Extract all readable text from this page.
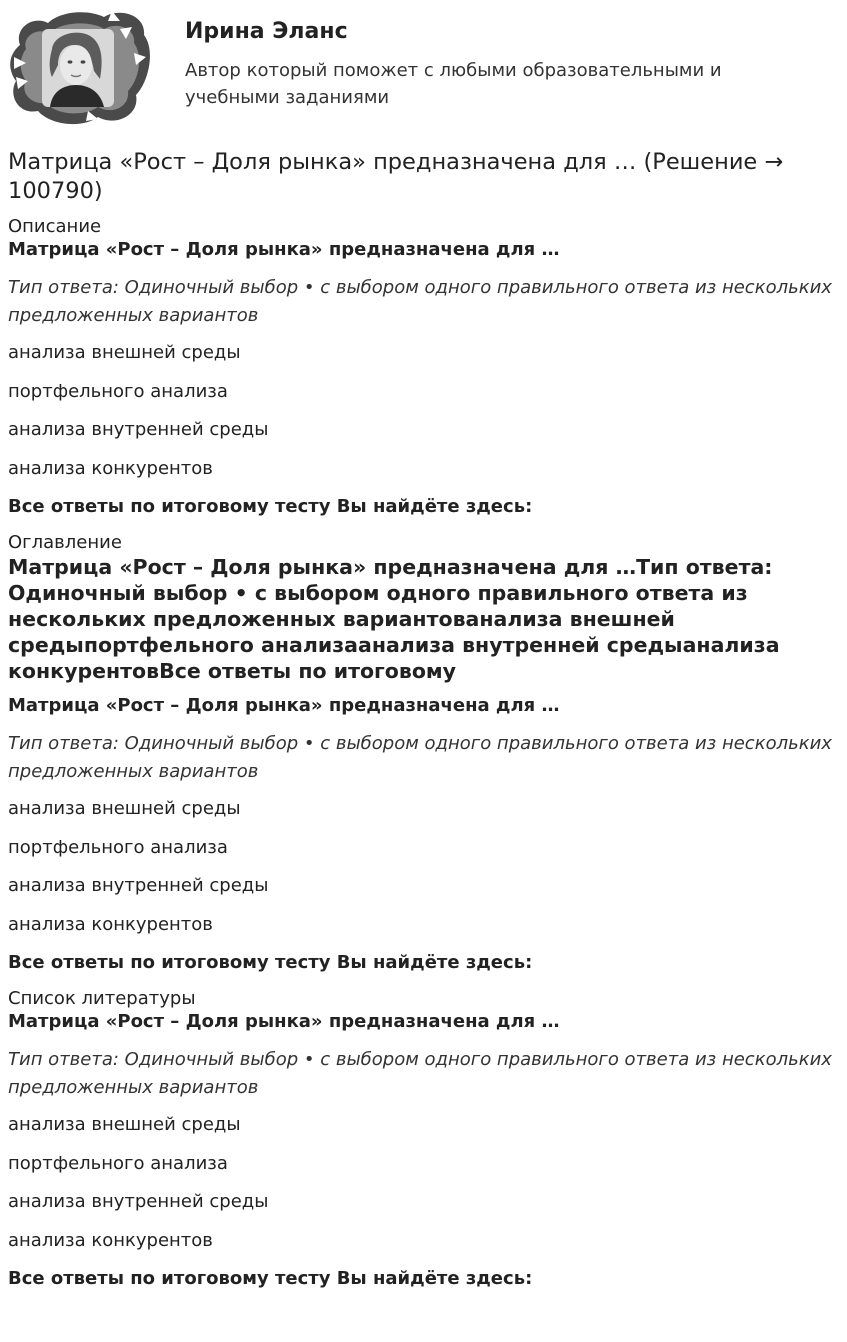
Ирина Эланс
Автор который поможет с любыми образовательными и учебными заданиями
Матрица «Рост – Доля рынка» предназначена для … (Решение → 100790)
Описание
Матрица «Рост – Доля рынка» предназначена для …
Тип ответа: Одиночный выбор • с выбором одного правильного ответа из нескольких предложенных вариантов
анализа внешней среды
портфельного анализа
анализа внутренней среды
анализа конкурентов
Все ответы по итоговому тесту Вы найдёте здесь:
Оглавление
Матрица «Рост – Доля рынка» предназначена для …Тип ответа: Одиночный выбор • с выбором одного правильного ответа из нескольких предложенных вариантованализа внешней средыпортфельного анализаанализа внутренней средыанализа конкурентовВсе ответы по итоговому
Матрица «Рост – Доля рынка» предназначена для …
Тип ответа: Одиночный выбор • с выбором одного правильного ответа из нескольких предложенных вариантов
анализа внешней среды
портфельного анализа
анализа внутренней среды
анализа конкурентов
Все ответы по итоговому тесту Вы найдёте здесь:
Список литературы
Матрица «Рост – Доля рынка» предназначена для …
Тип ответа: Одиночный выбор • с выбором одного правильного ответа из нескольких предложенных вариантов
анализа внешней среды
портфельного анализа
анализа внутренней среды
анализа конкурентов
Все ответы по итоговому тесту Вы найдёте здесь:
